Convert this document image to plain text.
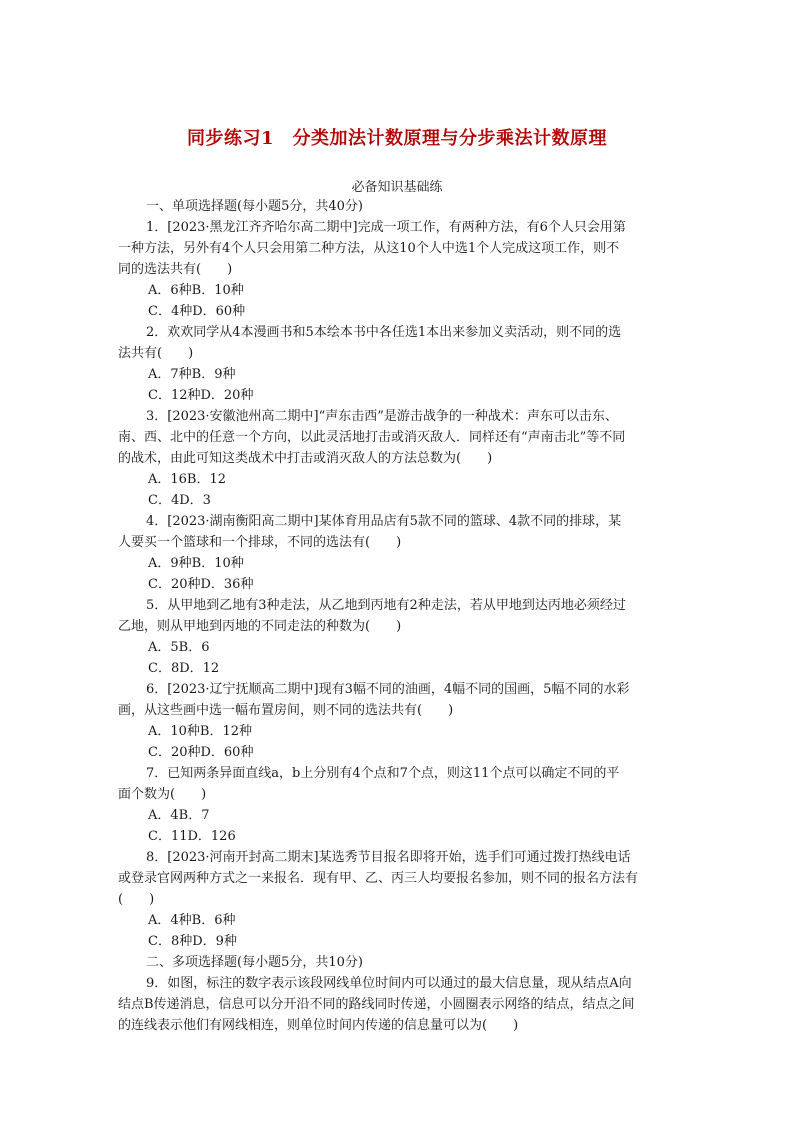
同步练习1　分类加法计数原理与分步乘法计数原理
必备知识基础练
一、单项选择题(每小题5分，共40分)
1．[2023·黑龙江齐齐哈尔高二期中]完成一项工作，有两种方法，有6个人只会用第
一种方法，另外有4个人只会用第二种方法，从这10个人中选1个人完成这项工作，则不
同的选法共有(　　)
A．6种B．10种
C．4种D．60种
2．欢欢同学从4本漫画书和5本绘本书中各任选1本出来参加义卖活动，则不同的选
法共有(　　)
A．7种B．9种
C．12种D．20种
3．[2023·安徽池州高二期中]“声东击西”是游击战争的一种战术：声东可以击东、
南、西、北中的任意一个方向，以此灵活地打击或消灭敌人．同样还有“声南击北”等不同
的战术，由此可知这类战术中打击或消灭敌人的方法总数为(　　)
A．16B．12
C．4D．3
4．[2023·湖南衡阳高二期中]某体育用品店有5款不同的篮球、4款不同的排球，某
人要买一个篮球和一个排球，不同的选法有(　　)
A．9种B．10种
C．20种D．36种
5．从甲地到乙地有3种走法，从乙地到丙地有2种走法，若从甲地到达丙地必须经过
乙地，则从甲地到丙地的不同走法的种数为(　　)
A．5B．6
C．8D．12
6．[2023·辽宁抚顺高二期中]现有3幅不同的油画，4幅不同的国画，5幅不同的水彩
画，从这些画中选一幅布置房间，则不同的选法共有(　　)
A．10种B．12种
C．20种D．60种
7．已知两条异面直线a，b上分别有4个点和7个点，则这11个点可以确定不同的平
面个数为(　　)
A．4B．7
C．11D．126
8．[2023·河南开封高二期末]某选秀节目报名即将开始，选手们可通过拨打热线电话
或登录官网两种方式之一来报名．现有甲、乙、丙三人均要报名参加，则不同的报名方法有
(　　)
A．4种B．6种
C．8种D．9种
二、多项选择题(每小题5分，共10分)
9．如图，标注的数字表示该段网线单位时间内可以通过的最大信息量，现从结点A向
结点B传递消息，信息可以分开沿不同的路线同时传递，小圆圈表示网络的结点，结点之间
的连线表示他们有网线相连，则单位时间内传递的信息量可以为(　　)
